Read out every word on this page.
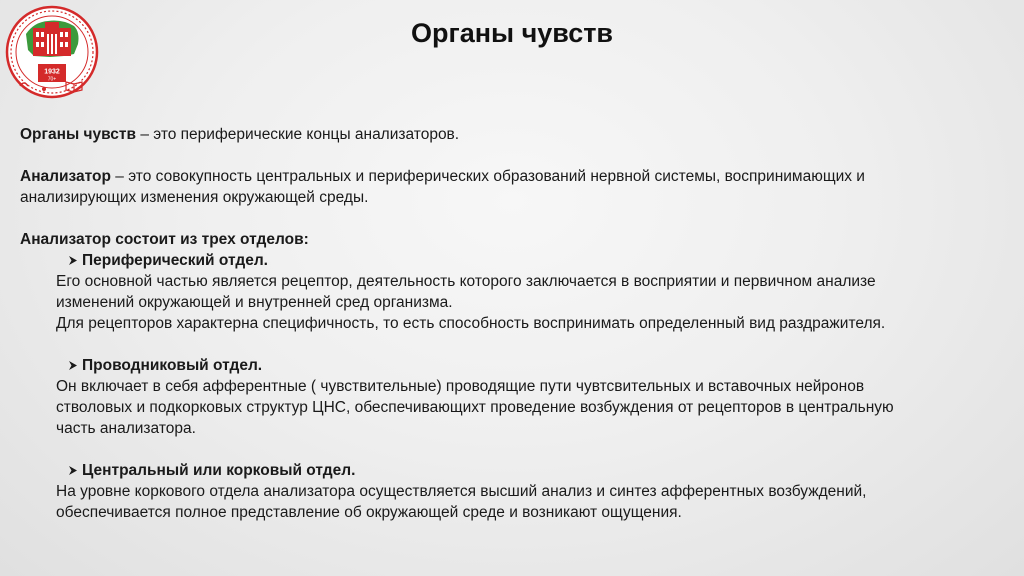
1932
70+
Органы чувств

Органы чувств – это периферические концы анализаторов.

Анализатор – это совокупность центральных и периферических образований нервной системы, воспринимающих и
анализирующих изменения окружающей среды.

Анализатор состоит из трех отделов:
Периферический отдел.
Его основной частью является рецептор, деятельность которого заключается в восприятии и первичном анализе
изменений окружающей и внутренней сред организма.
Для рецепторов характерна специфичность, то есть способность воспринимать определенный вид раздражителя.
Проводниковый отдел.
Он включает в себя афферентные ( чувствительные) проводящие пути чувтсвительных и вставочных нейронов
стволовых и подкорковых структур ЦНС, обеспечивающихт проведение возбуждения от рецепторов в центральную
часть анализатора.
Центральный или корковый отдел.
На уровне коркового отдела анализатора осуществляется высший анализ и синтез афферентных возбуждений,
обеспечивается полное представление об окружающей среде и возникают ощущения.
